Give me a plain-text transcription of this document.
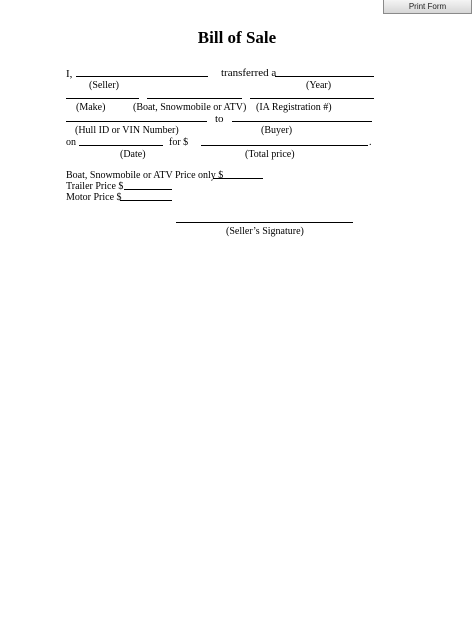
Print Form
Bill of Sale
I,	transferred a
(Seller)	(Year)
(Make)	(Boat, Snowmobile or ATV) (IA Registration #)
to
(Hull ID or VIN Number)	(Buyer)
on	for $	.
(Date)	(Total price)
Boat, Snowmobile or ATV Price only $
Trailer Price $
Motor Price $
(Seller’s Signature)
